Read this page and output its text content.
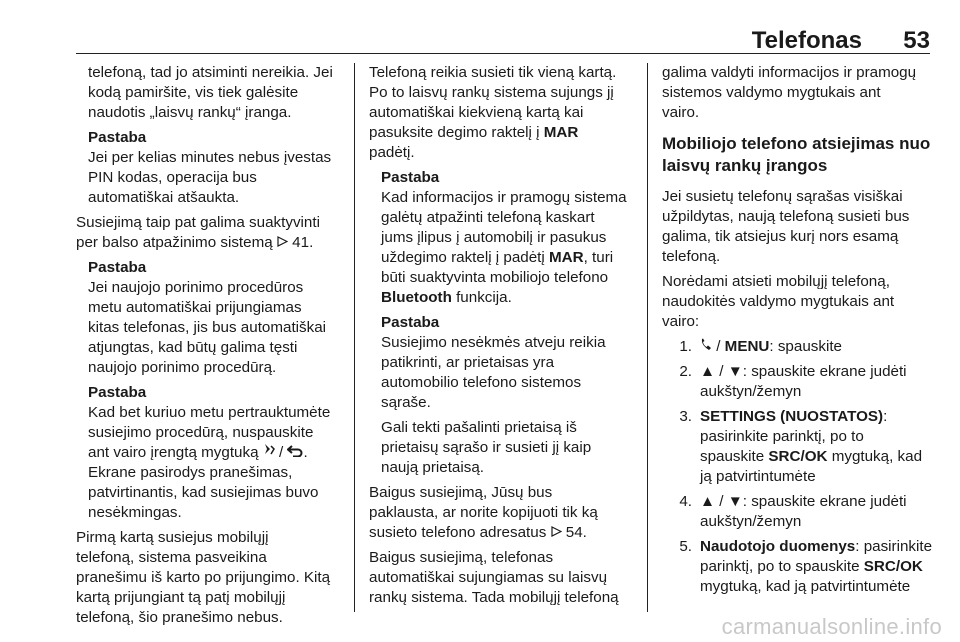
Telefonas 53
telefoną, tad jo atsiminti nereikia. Jei
kodą pamiršite, vis tiek galėsite
naudotis „laisvų rankų“ įranga.
Pastaba
Jei per kelias minutes nebus įvestas
PIN kodas, operacija bus
automatiškai atšaukta.
Susiejimą taip pat galima suaktyvinti
per balso atpažinimo sistemą 41.
Pastaba
Jei naujojo porinimo procedūros
metu automatiškai prijungiamas
kitas telefonas, jis bus automatiškai
atjungtas, kad būtų galima tęsti
naujojo porinimo procedūrą.
Pastaba
Kad bet kuriuo metu pertrauktumėte
susiejimo procedūrą, nuspauskite
ant vairo įrengtą mygtuką  / .
Ekrane pasirodys pranešimas,
patvirtinantis, kad susiejimas buvo
nesėkmingas.
Pirmą kartą susiejus mobilųjį
telefoną, sistema pasveikina
pranešimu iš karto po prijungimo. Kitą
kartą prijungiant tą patį mobilųjį
telefoną, šio pranešimo nebus.
Telefoną reikia susieti tik vieną kartą.
Po to laisvų rankų sistema sujungs jį
automatiškai kiekvieną kartą kai
pasuksite degimo raktelį į MAR
padėtį.
Pastaba
Kad informacijos ir pramogų sistema
galėtų atpažinti telefoną kaskart
jums įlipus į automobilį ir pasukus
uždegimo raktelį į padėtį MAR, turi
būti suaktyvinta mobiliojo telefono
Bluetooth funkcija.
Pastaba
Susiejimo nesėkmės atveju reikia
patikrinti, ar prietaisas yra
automobilio telefono sistemos
sąraše.
Gali tekti pašalinti prietaisą iš
prietaisų sąrašo ir susieti jį kaip
naują prietaisą.
Baigus susiejimą, Jūsų bus
paklausta, ar norite kopijuoti tik ką
susieto telefono adresatus 54.
Baigus susiejimą, telefonas
automatiškai sujungiamas su laisvų
rankų sistema. Tada mobilųjį telefoną
galima valdyti informacijos ir pramogų
sistemos valdymo mygtukais ant
vairo.
Mobiliojo telefono atsiejimas nuo
laisvų rankų įrangos
Jei susietų telefonų sąrašas visiškai
užpildytas, naują telefoną susieti bus
galima, tik atsiejus kurį nors esamą
telefoną.
Norėdami atsieti mobilųjį telefoną,
naudokitės valdymo mygtukais ant
vairo:
1.	/ MENU: spauskite
2. ▲ / ▼: spauskite ekrane judėti
aukštyn/žemyn
3. SETTINGS (NUOSTATOS):
pasirinkite parinktį, po to
spauskite SRC/OK mygtuką, kad
ją patvirtintumėte
4. ▲ / ▼: spauskite ekrane judėti
aukštyn/žemyn
5. Naudotojo duomenys: pasirinkite
parinktį, po to spauskite SRC/OK
mygtuką, kad ją patvirtintumėte
carmanualsonline.info
